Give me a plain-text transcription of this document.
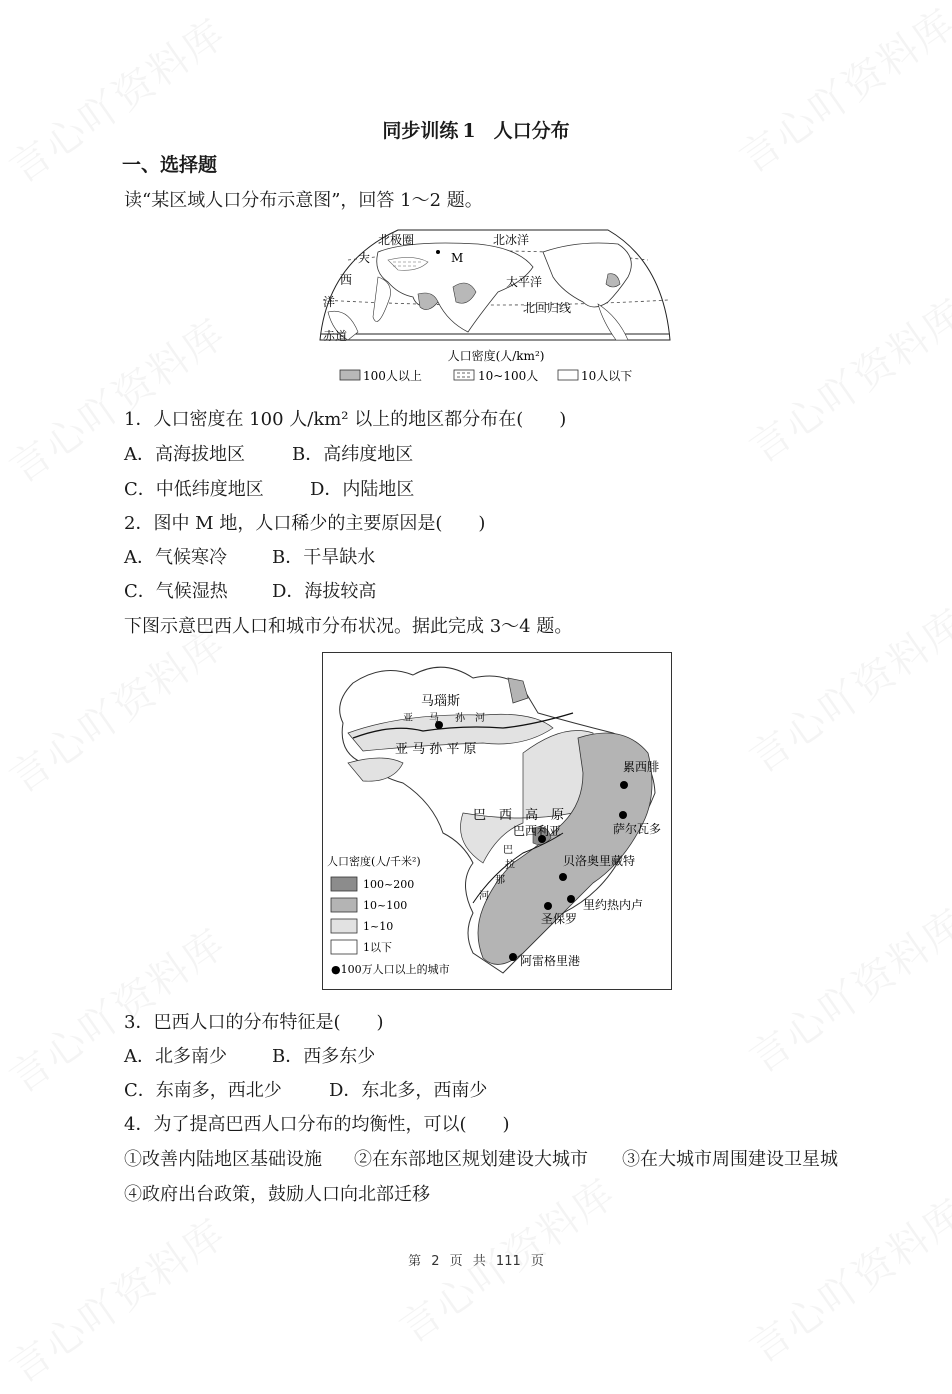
同步训练 1 人口分布
一、选择题
读“某区域人口分布示意图”，回答 1～2 题。
北极圈	北冰洋
M
大
西
洋
太平洋
北回归线
赤道
人口密度(人/km²)
100人以上	10~100人	10人以下
1．人口密度在 100 人/km² 以上的地区都分布在(　　)
A．高海拔地区	B．高纬度地区
C．中低纬度地区	D．内陆地区
2．图中 M 地，人口稀少的主要原因是(　　)
A．气候寒冷	B．干旱缺水
C．气候湿热 D．海拔较高
下图示意巴西人口和城市分布状况。据此完成 3～4 题。
马瑙斯
亚 马 孙 河
亚 马 孙 平 原
巴　西　高　原
巴西利亚
累西腓
萨尔瓦多
贝洛奥里藏特
里约热内卢
圣保罗
阿雷格里港
巴
拉
那
河
人口密度(人/千米²)
100~200
10~100
1~10
1以下
●100万人口以上的城市
3．巴西人口的分布特征是(　　)
A．北多南少	B．西多东少
C．东南多，西北少	D．东北多，西南少
4．为了提高巴西人口分布的均衡性，可以(　　)
①改善内陆地区基础设施 ②在东部地区规划建设大城市 ③在大城市周围建设卫星城
④政府出台政策，鼓励人口向北部迁移
第 2 页 共 111 页
